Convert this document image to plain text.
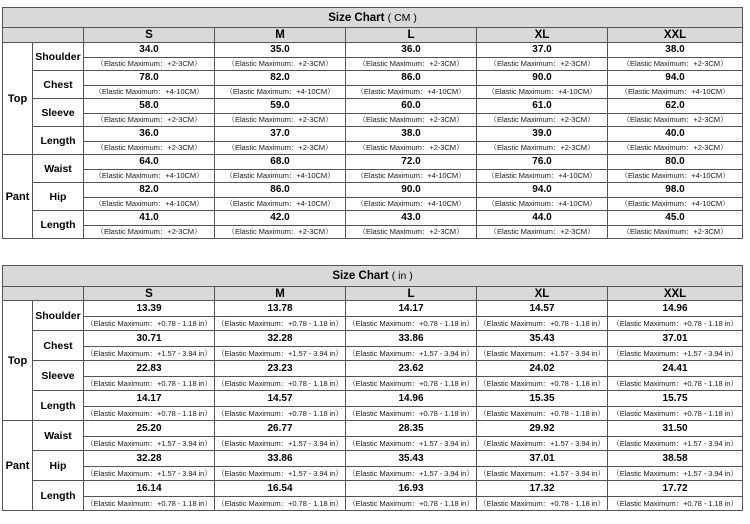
Size Chart ( CM )						
		S	M	L	XL	XXL
Top	Shoulder	34.0	35.0	36.0	37.0	38.0
		（Elastic Maximum：+2-3CM）	（Elastic Maximum：+2-3CM）	（Elastic Maximum：+2-3CM）	（Elastic Maximum：+2-3CM）	（Elastic Maximum：+2-3CM）
	Chest	78.0	82.0	86.0	90.0	94.0
		（Elastic Maximum：+4-10CM）	（Elastic Maximum：+4-10CM）	（Elastic Maximum：+4-10CM）	（Elastic Maximum：+4-10CM）	（Elastic Maximum：+4-10CM）
	Sleeve	58.0	59.0	60.0	61.0	62.0
		（Elastic Maximum：+2-3CM）	（Elastic Maximum：+2-3CM）	（Elastic Maximum：+2-3CM）	（Elastic Maximum：+2-3CM）	（Elastic Maximum：+2-3CM）
	Length	36.0	37.0	38.0	39.0	40.0
		（Elastic Maximum：+2-3CM）	（Elastic Maximum：+2-3CM）	（Elastic Maximum：+2-3CM）	（Elastic Maximum：+2-3CM）	（Elastic Maximum：+2-3CM）
Pant	Waist	64.0	68.0	72.0	76.0	80.0
		（Elastic Maximum：+4-10CM）	（Elastic Maximum：+4-10CM）	（Elastic Maximum：+4-10CM）	（Elastic Maximum：+4-10CM）	（Elastic Maximum：+4-10CM）
	Hip	82.0	86.0	90.0	94.0	98.0
		（Elastic Maximum：+4-10CM）	（Elastic Maximum：+4-10CM）	（Elastic Maximum：+4-10CM）	（Elastic Maximum：+4-10CM）	（Elastic Maximum：+4-10CM）
	Length	41.0	42.0	43.0	44.0	45.0
		（Elastic Maximum：+2-3CM）	（Elastic Maximum：+2-3CM）	（Elastic Maximum：+2-3CM）	（Elastic Maximum：+2-3CM）	（Elastic Maximum：+2-3CM）
Size Chart ( in )						
		S	M	L	XL	XXL
Top	Shoulder	13.39	13.78	14.17	14.57	14.96
		（Elastic Maximum：+0.78 - 1.18 in）	（Elastic Maximum：+0.78 - 1.18 in）	（Elastic Maximum：+0.78 - 1.18 in）	（Elastic Maximum：+0.78 - 1.18 in）	（Elastic Maximum：+0.78 - 1.18 in）
	Chest	30.71	32.28	33.86	35.43	37.01
		（Elastic Maximum：+1.57 - 3.94 in）	（Elastic Maximum：+1.57 - 3.94 in）	（Elastic Maximum：+1.57 - 3.94 in）	（Elastic Maximum：+1.57 - 3.94 in）	（Elastic Maximum：+1.57 - 3.94 in）
	Sleeve	22.83	23.23	23.62	24.02	24.41
		（Elastic Maximum：+0.78 - 1.18 in）	（Elastic Maximum：+0.78 - 1.18 in）	（Elastic Maximum：+0.78 - 1.18 in）	（Elastic Maximum：+0.78 - 1.18 in）	（Elastic Maximum：+0.78 - 1.18 in）
	Length	14.17	14.57	14.96	15.35	15.75
		（Elastic Maximum：+0.78 - 1.18 in）	（Elastic Maximum：+0.78 - 1.18 in）	（Elastic Maximum：+0.78 - 1.18 in）	（Elastic Maximum：+0.78 - 1.18 in）	（Elastic Maximum：+0.78 - 1.18 in）
Pant	Waist	25.20	26.77	28.35	29.92	31.50
		（Elastic Maximum：+1.57 - 3.94 in）	（Elastic Maximum：+1.57 - 3.94 in）	（Elastic Maximum：+1.57 - 3.94 in）	（Elastic Maximum：+1.57 - 3.94 in）	（Elastic Maximum：+1.57 - 3.94 in）
	Hip	32.28	33.86	35.43	37.01	38.58
		（Elastic Maximum：+1.57 - 3.94 in）	（Elastic Maximum：+1.57 - 3.94 in）	（Elastic Maximum：+1.57 - 3.94 in）	（Elastic Maximum：+1.57 - 3.94 in）	（Elastic Maximum：+1.57 - 3.94 in）
	Length	16.14	16.54	16.93	17.32	17.72
		（Elastic Maximum：+0.78 - 1.18 in）	（Elastic Maximum：+0.78 - 1.18 in）	（Elastic Maximum：+0.78 - 1.18 in）	（Elastic Maximum：+0.78 - 1.18 in）	（Elastic Maximum：+0.78 - 1.18 in）
